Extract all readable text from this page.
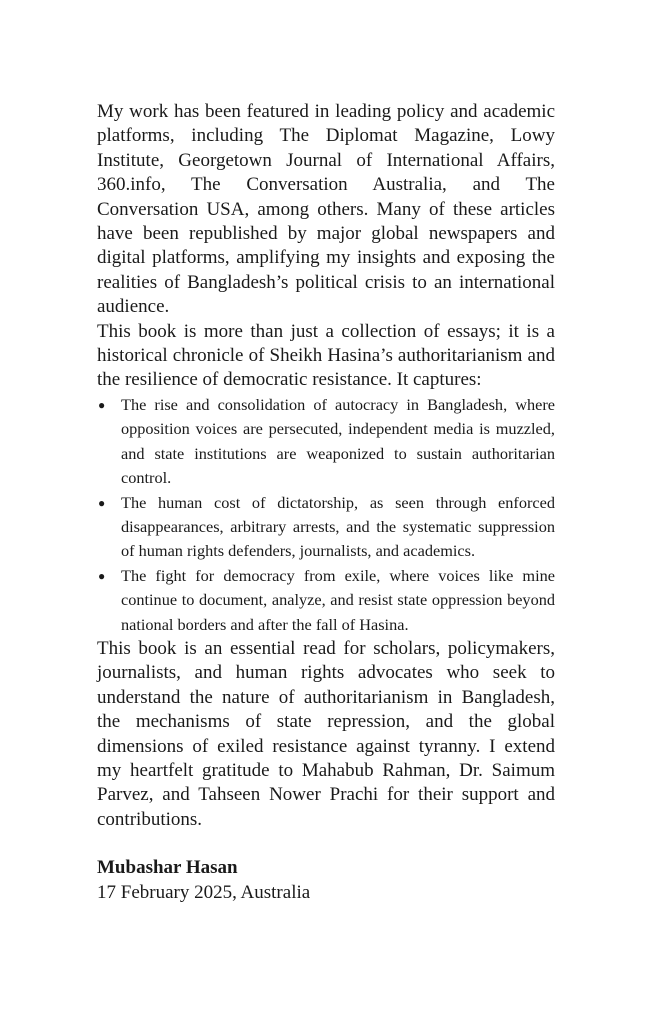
My work has been featured in leading policy and academic platforms, including The Diplomat Magazine, Lowy Institute, Georgetown Journal of International Affairs, 360.info, The Conversation Australia, and The Conversation USA, among others. Many of these articles have been republished by major global newspapers and digital platforms, amplifying my insights and exposing the realities of Bangladesh’s political crisis to an international audience.

This book is more than just a collection of essays; it is a historical chronicle of Sheikh Hasina’s authoritarianism and the resilience of democratic resistance. It captures:

● The rise and consolidation of autocracy in Bangladesh, where opposition voices are persecuted, independent media is muzzled, and state institutions are weaponized to sustain authoritarian control.
● The human cost of dictatorship, as seen through enforced disappearances, arbitrary arrests, and the systematic suppression of human rights defenders, journalists, and academics.
● The fight for democracy from exile, where voices like mine continue to document, analyze, and resist state oppression beyond national borders and after the fall of Hasina.

This book is an essential read for scholars, policymakers, journalists, and human rights advocates who seek to understand the nature of authoritarianism in Bangladesh, the mechanisms of state repression, and the global dimensions of exiled resistance against tyranny. I extend my heartfelt gratitude to Mahabub Rahman, Dr. Saimum Parvez, and Tahseen Nower Prachi for their support and contributions.

Mubashar Hasan
17 February 2025, Australia
